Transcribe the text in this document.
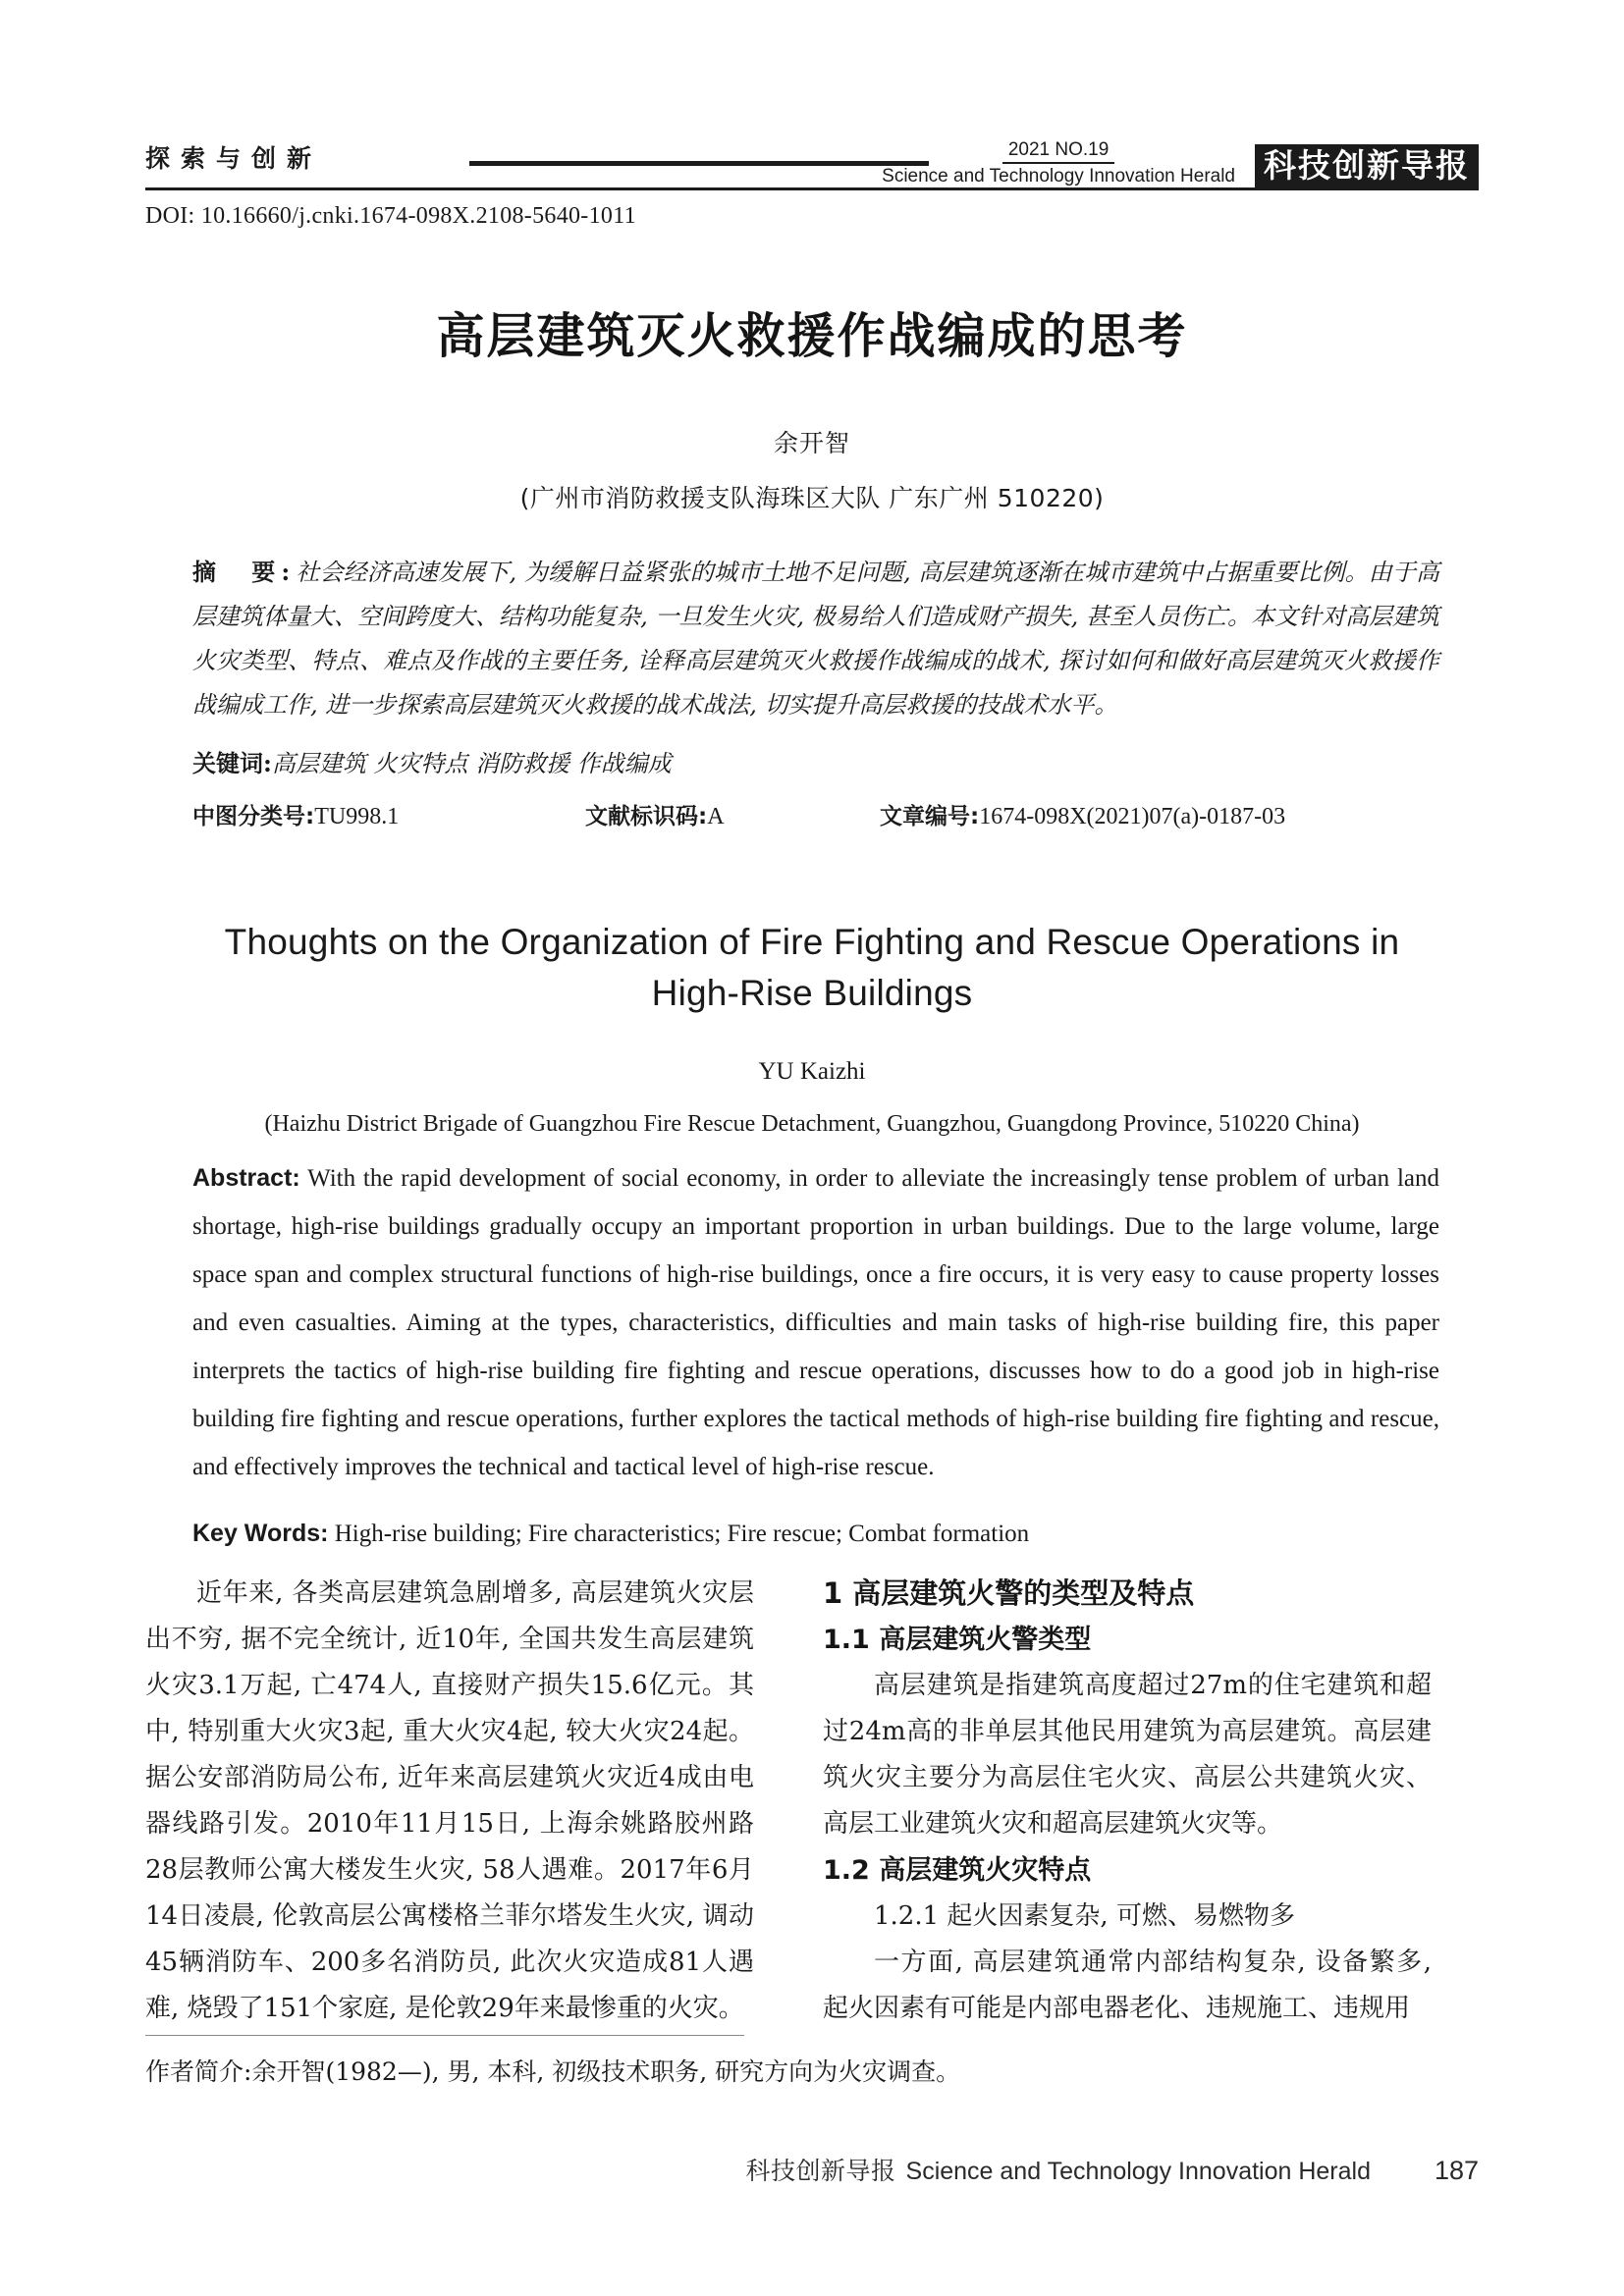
探索与创新	2021 NO.19
Science and Technology Innovation Herald 科技创新导报
DOI: 10.16660/j.cnki.1674-098X.2108-5640-1011
高层建筑灭火救援作战编成的思考
余开智
(广州市消防救援支队海珠区大队 广东广州 510220)
摘　要:社会经济高速发展下, 为缓解日益紧张的城市土地不足问题, 高层建筑逐渐在城市建筑中占据重要比例。由于高层建筑体量大、空间跨度大、结构功能复杂, 一旦发生火灾, 极易给人们造成财产损失, 甚至人员伤亡。本文针对高层建筑火灾类型、特点、难点及作战的主要任务, 诠释高层建筑灭火救援作战编成的战术, 探讨如何和做好高层建筑灭火救援作战编成工作, 进一步探索高层建筑灭火救援的战术战法, 切实提升高层救援的技战术水平。
关键词:高层建筑 火灾特点 消防救援 作战编成
中图分类号:TU998.1	文献标识码:A	文章编号:1674-098X(2021)07(a)-0187-03
Thoughts on the Organization of Fire Fighting and Rescue Operations in High-Rise Buildings
YU Kaizhi
(Haizhu District Brigade of Guangzhou Fire Rescue Detachment, Guangzhou, Guangdong Province, 510220 China)
Abstract: With the rapid development of social economy, in order to alleviate the increasingly tense problem of urban land shortage, high-rise buildings gradually occupy an important proportion in urban buildings. Due to the large volume, large space span and complex structural functions of high-rise buildings, once a fire occurs, it is very easy to cause property losses and even casualties. Aiming at the types, characteristics, difficulties and main tasks of high-rise building fire, this paper interprets the tactics of high-rise building fire fighting and rescue operations, discusses how to do a good job in high-rise building fire fighting and rescue operations, further explores the tactical methods of high-rise building fire fighting and rescue, and effectively improves the technical and tactical level of high-rise rescue.
Key Words: High-rise building; Fire characteristics; Fire rescue; Combat formation

近年来, 各类高层建筑急剧增多, 高层建筑火灾层出不穷, 据不完全统计, 近10年, 全国共发生高层建筑火灾3.1万起, 亡474人, 直接财产损失15.6亿元。其中, 特别重大火灾3起, 重大火灾4起, 较大火灾24起。据公安部消防局公布, 近年来高层建筑火灾近4成由电器线路引发。2010年11月15日, 上海余姚路胶州路28层教师公寓大楼发生火灾, 58人遇难。2017年6月14日凌晨, 伦敦高层公寓楼格兰菲尔塔发生火灾, 调动45辆消防车、200多名消防员, 此次火灾造成81人遇难, 烧毁了151个家庭, 是伦敦29年来最惨重的火灾。

1 高层建筑火警的类型及特点
1.1 高层建筑火警类型

高层建筑是指建筑高度超过27m的住宅建筑和超过24m高的非单层其他民用建筑为高层建筑。高层建筑火灾主要分为高层住宅火灾、高层公共建筑火灾、高层工业建筑火灾和超高层建筑火灾等。

1.2 高层建筑火灾特点
1.2.1 起火因素复杂, 可燃、易燃物多

一方面, 高层建筑通常内部结构复杂, 设备繁多, 起火因素有可能是内部电器老化、违规施工、违规用

作者简介:余开智(1982—), 男, 本科, 初级技术职务, 研究方向为火灾调查。
科技创新导报 Science and Technology Innovation Herald 187
